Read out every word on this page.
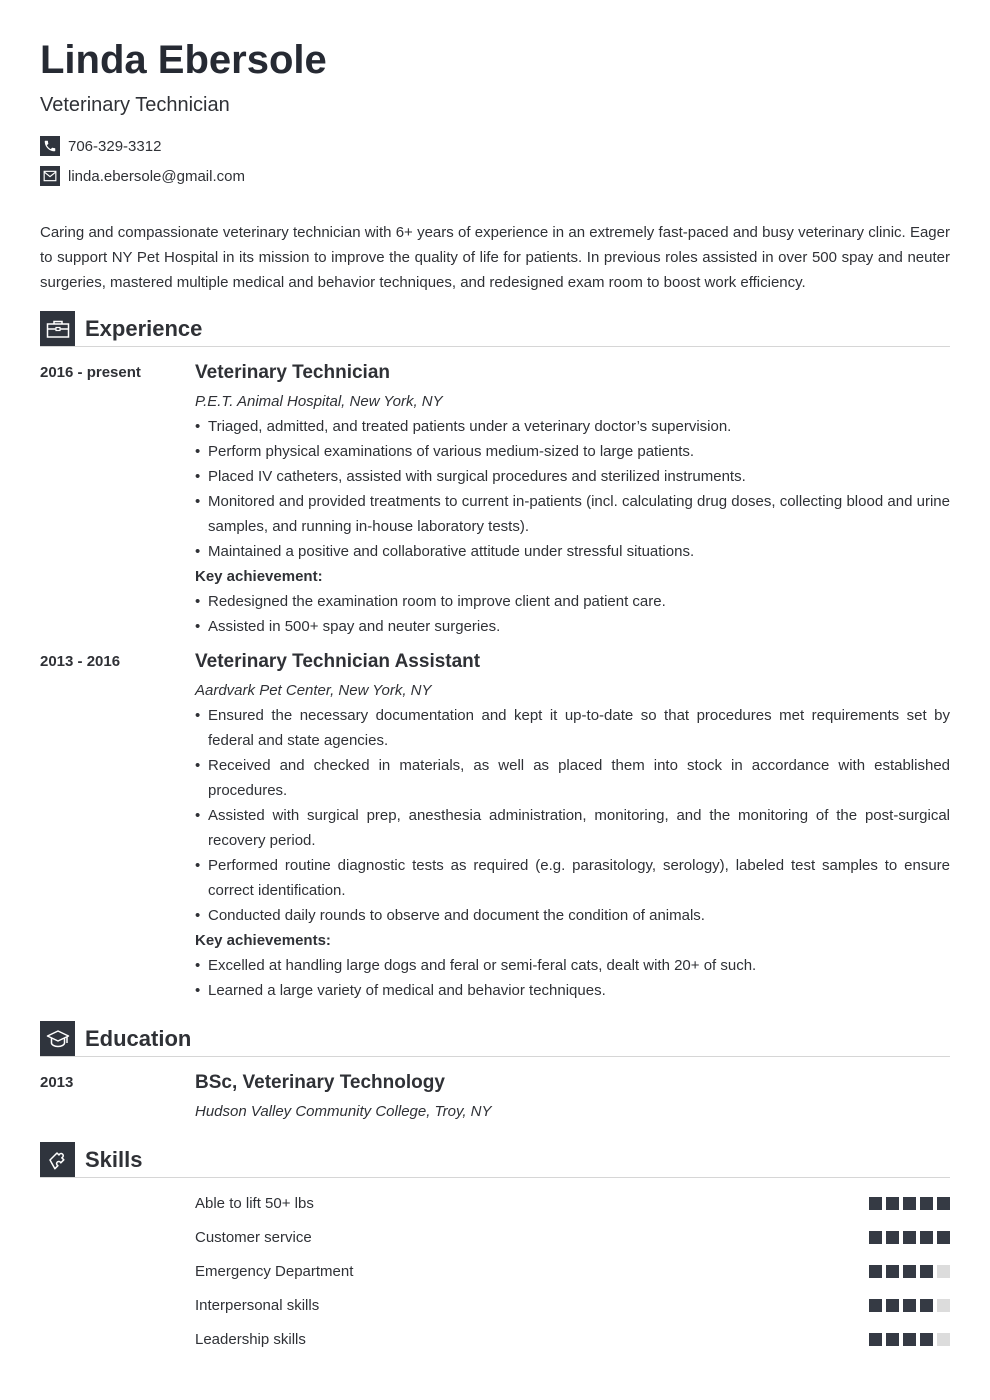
Linda Ebersole
Veterinary Technician
706-329-3312
linda.ebersole@gmail.com
Caring and compassionate veterinary technician with 6+ years of experience in an extremely fast-paced and busy veterinary clinic. Eager to support NY Pet Hospital in its mission to improve the quality of life for patients. In previous roles assisted in over 500 spay and neuter surgeries, mastered multiple medical and behavior techniques, and redesigned exam room to boost work efficiency.
Experience
2016 - present	Veterinary Technician
P.E.T. Animal Hospital, New York, NY
• Triaged, admitted, and treated patients under a veterinary doctor’s supervision.
• Perform physical examinations of various medium-sized to large patients.
• Placed IV catheters, assisted with surgical procedures and sterilized instruments.
• Monitored and provided treatments to current in-patients (incl. calculating drug doses, collecting blood and urine samples, and running in-house laboratory tests).
• Maintained a positive and collaborative attitude under stressful situations.
Key achievement:
• Redesigned the examination room to improve client and patient care.
• Assisted in 500+ spay and neuter surgeries.
2013 - 2016	Veterinary Technician Assistant
Aardvark Pet Center, New York, NY
• Ensured the necessary documentation and kept it up-to-date so that procedures met requirements set by federal and state agencies.
• Received and checked in materials, as well as placed them into stock in accordance with established procedures.
• Assisted with surgical prep, anesthesia administration, monitoring, and the monitoring of the post-surgical recovery period.
• Performed routine diagnostic tests as required (e.g. parasitology, serology), labeled test samples to ensure correct identification.
• Conducted daily rounds to observe and document the condition of animals.
Key achievements:
• Excelled at handling large dogs and feral or semi-feral cats, dealt with 20+ of such.
• Learned a large variety of medical and behavior techniques.
Education
2013	BSc, Veterinary Technology
Hudson Valley Community College, Troy, NY
Skills
Able to lift 50+ lbs
Customer service
Emergency Department
Interpersonal skills
Leadership skills
